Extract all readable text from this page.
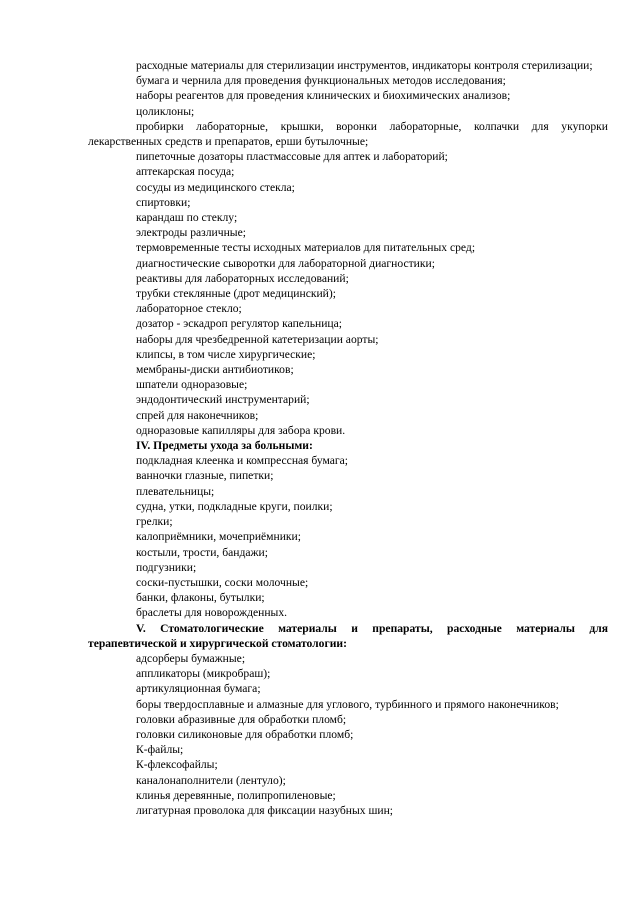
расходные материалы для стерилизации инструментов, индикаторы контроля стерилизации;

бумага и чернила для проведения функциональных методов исследования;

наборы реагентов для проведения клинических и биохимических анализов;

цоликлоны;

пробирки лабораторные, крышки, воронки лабораторные, колпачки для укупорки лекарственных средств и препаратов, ерши бутылочные;

пипеточные дозаторы пластмассовые для аптек и лабораторий;

аптекарская посуда;

сосуды из медицинского стекла;

спиртовки;

карандаш по стеклу;

электроды различные;

термовременные тесты исходных материалов для питательных сред;

диагностические сыворотки для лабораторной диагностики;

реактивы для лабораторных исследований;

трубки стеклянные (дрот медицинский);

лабораторное стекло;

дозатор - эскадроп регулятор капельница;

наборы для чрезбедренной катетеризации аорты;

клипсы, в том числе хирургические;

мембраны-диски антибиотиков;

шпатели одноразовые;

эндодонтический инструментарий;

спрей для наконечников;

одноразовые капилляры для забора крови.

IV. Предметы ухода за больными:

подкладная клеенка и компрессная бумага;

ванночки глазные, пипетки;

плевательницы;

судна, утки, подкладные круги, поилки;

грелки;

калоприёмники, мочеприёмники;

костыли, трости, бандажи;

подгузники;

соски-пустышки, соски молочные;

банки, флаконы, бутылки;

браслеты для новорожденных.

V. Стоматологические материалы и препараты, расходные материалы для терапевтической и хирургической стоматологии:

адсорберы бумажные;

аппликаторы (микробраш);

артикуляционная бумага;

боры твердосплавные и алмазные для углового, турбинного и прямого наконечников;

головки абразивные для обработки пломб;

головки силиконовые для обработки пломб;

К-файлы;

К-флексофайлы;

каналонаполнители (лентуло);

клинья деревянные, полипропиленовые;

лигатурная проволока для фиксации назубных шин;
